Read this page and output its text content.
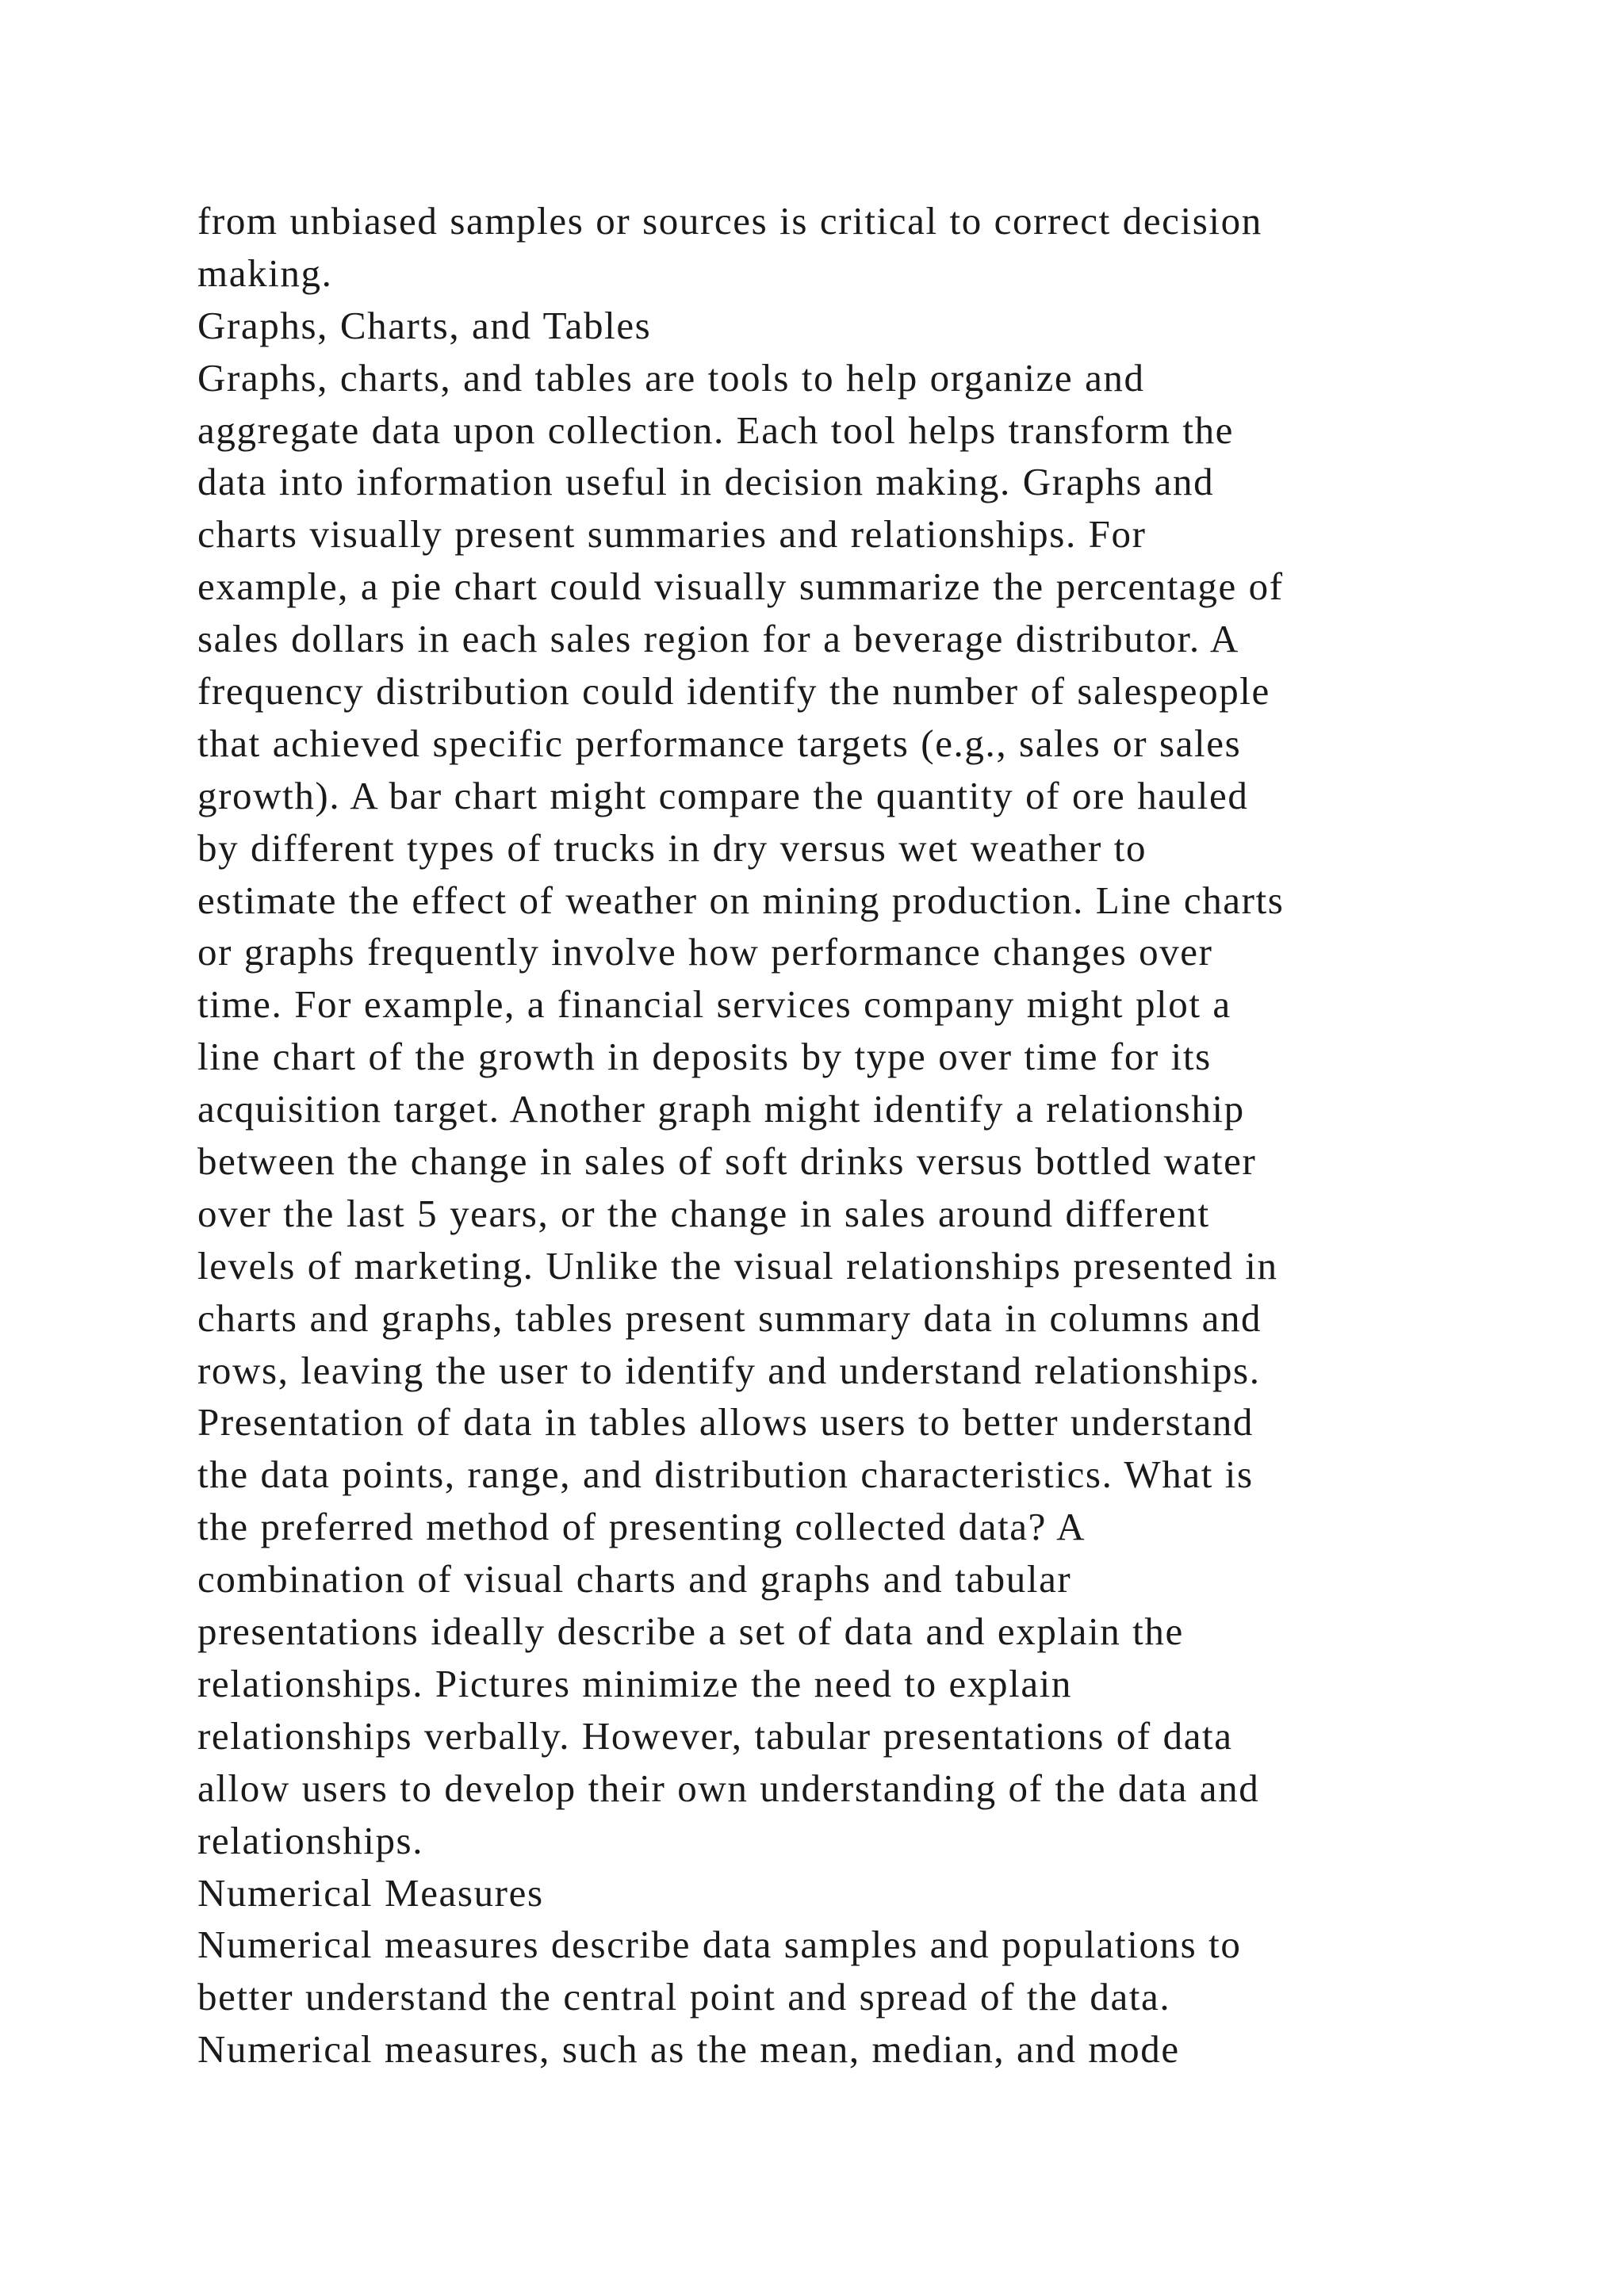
from unbiased samples or sources is critical to correct decision
making.
Graphs, Charts, and Tables
Graphs, charts, and tables are tools to help organize and
aggregate data upon collection. Each tool helps transform the
data into information useful in decision making. Graphs and
charts visually present summaries and relationships. For
example, a pie chart could visually summarize the percentage of
sales dollars in each sales region for a beverage distributor. A
frequency distribution could identify the number of salespeople
that achieved specific performance targets (e.g., sales or sales
growth). A bar chart might compare the quantity of ore hauled
by different types of trucks in dry versus wet weather to
estimate the effect of weather on mining production. Line charts
or graphs frequently involve how performance changes over
time. For example, a financial services company might plot a
line chart of the growth in deposits by type over time for its
acquisition target. Another graph might identify a relationship
between the change in sales of soft drinks versus bottled water
over the last 5 years, or the change in sales around different
levels of marketing. Unlike the visual relationships presented in
charts and graphs, tables present summary data in columns and
rows, leaving the user to identify and understand relationships.
Presentation of data in tables allows users to better understand
the data points, range, and distribution characteristics. What is
the preferred method of presenting collected data? A
combination of visual charts and graphs and tabular
presentations ideally describe a set of data and explain the
relationships. Pictures minimize the need to explain
relationships verbally. However, tabular presentations of data
allow users to develop their own understanding of the data and
relationships.
Numerical Measures
Numerical measures describe data samples and populations to
better understand the central point and spread of the data.
Numerical measures, such as the mean, median, and mode
